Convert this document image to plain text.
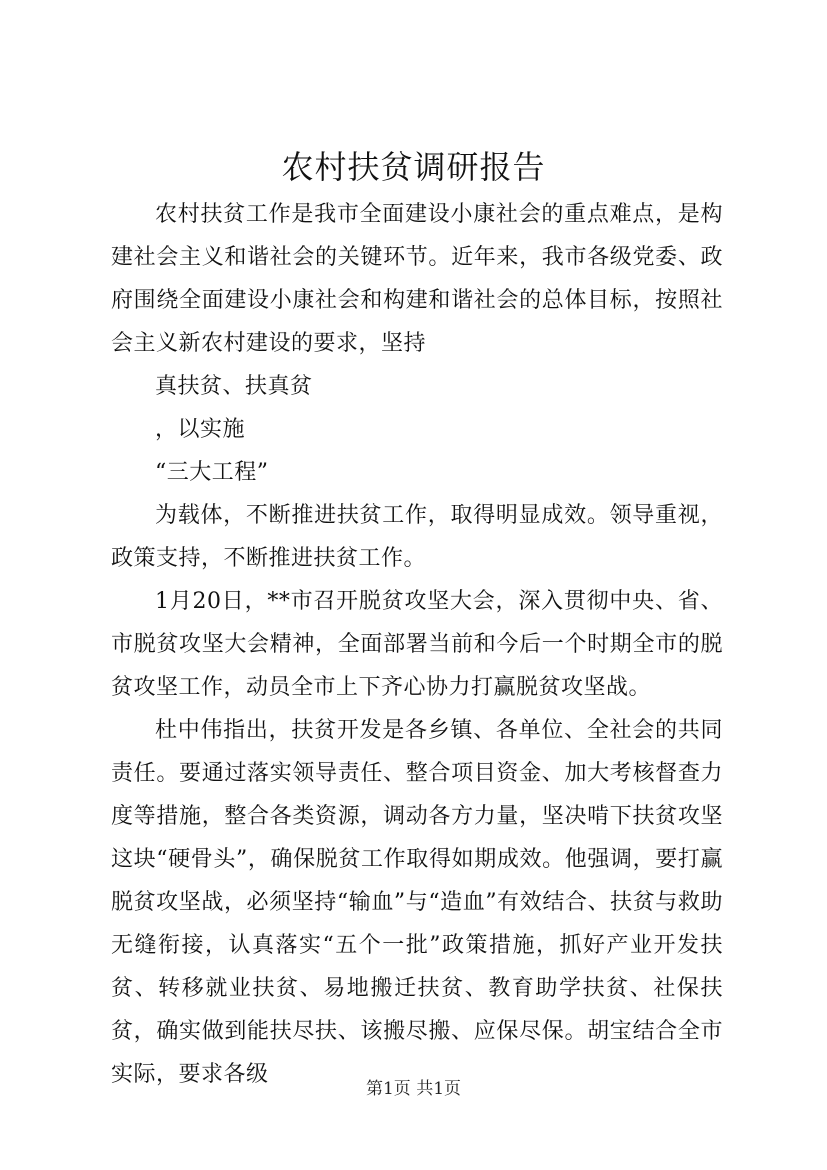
农村扶贫调研报告

农村扶贫工作是我市全面建设小康社会的重点难点，是构建社会主义和谐社会的关键环节。近年来，我市各级党委、政府围绕全面建设小康社会和构建和谐社会的总体目标，按照社会主义新农村建设的要求，坚持

真扶贫、扶真贫

，以实施

“三大工程”

为载体，不断推进扶贫工作，取得明显成效。领导重视，政策支持，不断推进扶贫工作。

1月20日，**市召开脱贫攻坚大会，深入贯彻中央、省、市脱贫攻坚大会精神，全面部署当前和今后一个时期全市的脱贫攻坚工作，动员全市上下齐心协力打赢脱贫攻坚战。

杜中伟指出，扶贫开发是各乡镇、各单位、全社会的共同责任。要通过落实领导责任、整合项目资金、加大考核督查力度等措施，整合各类资源，调动各方力量，坚决啃下扶贫攻坚这块“硬骨头”，确保脱贫工作取得如期成效。他强调，要打赢脱贫攻坚战，必须坚持“输血”与“造血”有效结合、扶贫与救助无缝衔接，认真落实“五个一批”政策措施，抓好产业开发扶贫、转移就业扶贫、易地搬迁扶贫、教育助学扶贫、社保扶贫，确实做到能扶尽扶、该搬尽搬、应保尽保。胡宝结合全市实际，要求各级

第1页 共1页
